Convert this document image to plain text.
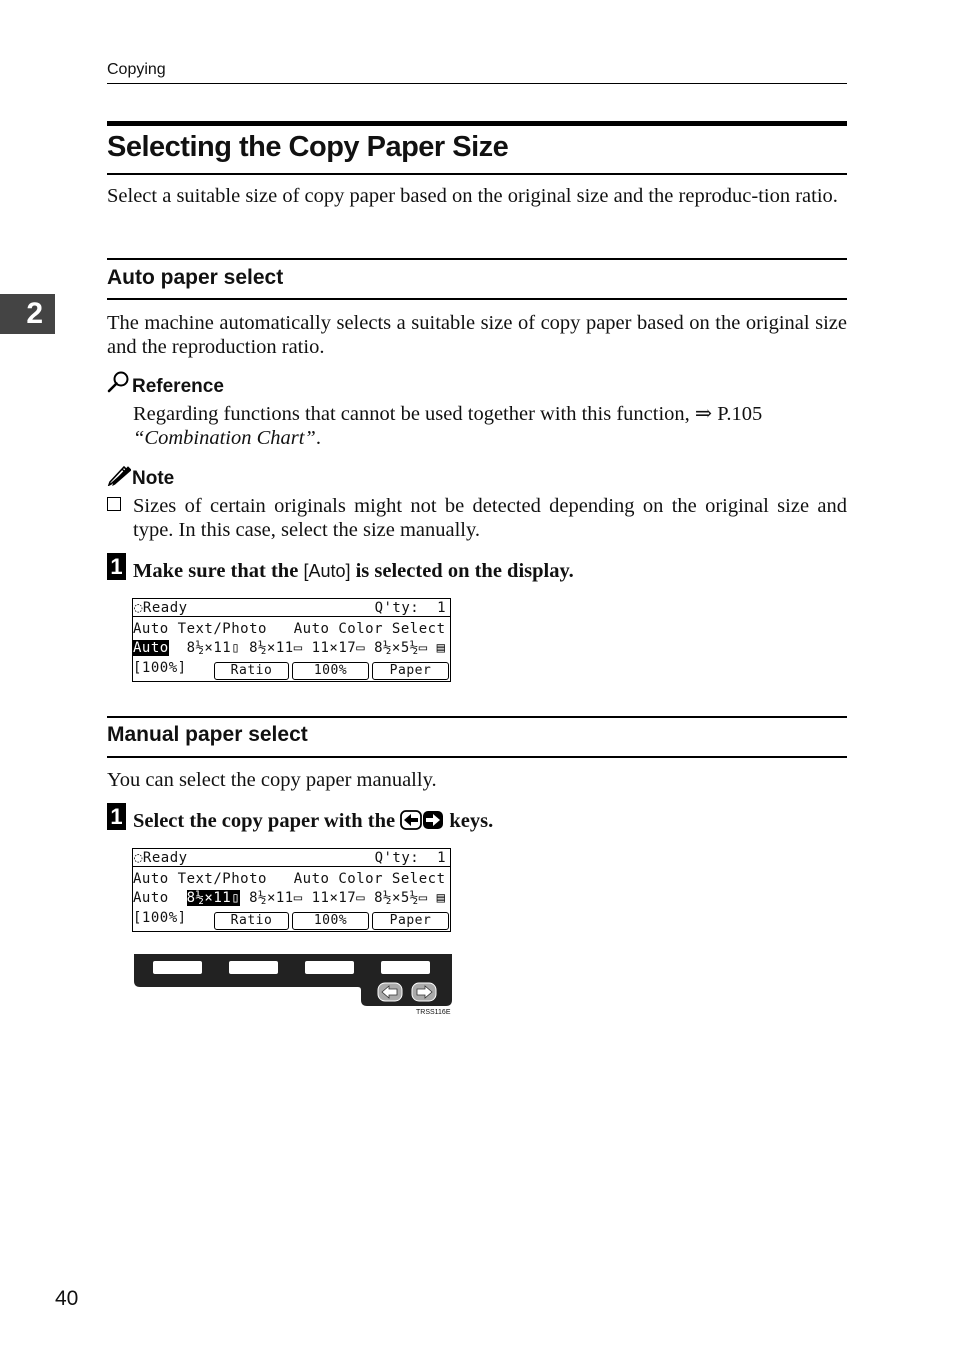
Copying
2
Selecting the Copy Paper Size
Select a suitable size of copy paper based on the original size and the reproduc-tion ratio.
Auto paper select
The machine automatically selects a suitable size of copy paper based on the original size and the reproduction ratio.
Reference
Regarding functions that cannot be used together with this function, ⇒ P.105 “Combination Chart”.
Note
Sizes of certain originals might not be detected depending on the original size and type. In this case, select the size manually.
1 Make sure that the [Auto] is selected on the display.
◌Ready	Q'ty:  1
Auto Text/Photo   Auto Color Select
Auto  8½×11▯ 8½×11▭ 11×17▭ 8½×5½▭ ▤
[100%]	Ratio	100%	Paper
Manual paper select
You can select the copy paper manually.
1 Select the copy paper with the  keys.
◌Ready	Q'ty:  1
Auto Text/Photo   Auto Color Select
Auto  8½×11▯ 8½×11▭ 11×17▭ 8½×5½▭ ▤
[100%]	Ratio	100%	Paper
TRSS116E
40
